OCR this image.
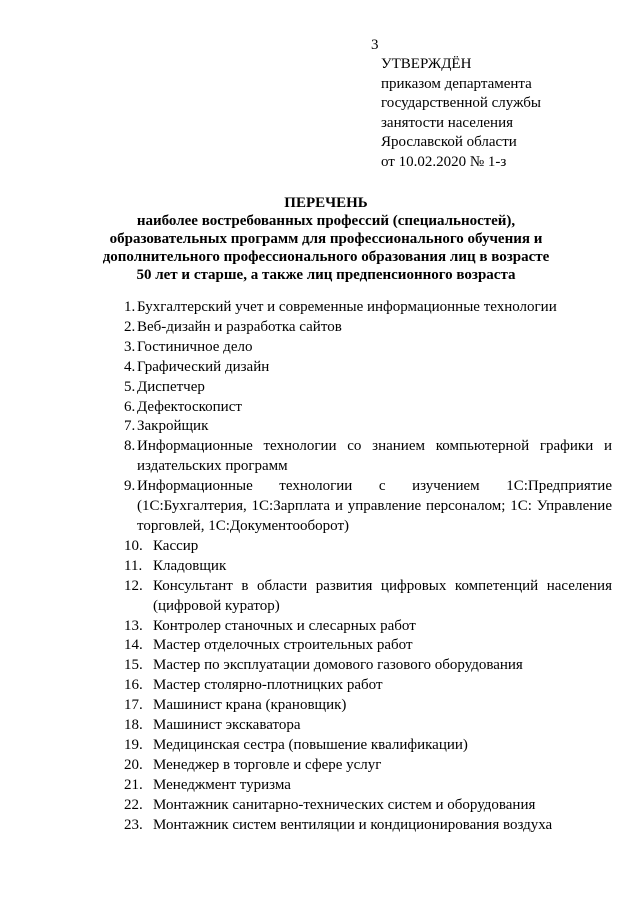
3
УТВЕРЖДЁН
приказом департамента
государственной службы
занятости населения
Ярославской области
от 10.02.2020 № 1-з
ПЕРЕЧЕНЬ
наиболее востребованных профессий (специальностей), образовательных программ для профессионального обучения и дополнительного профессионального образования лиц в возрасте 50 лет и старше, а также лиц предпенсионного возраста
1. Бухгалтерский учет и современные информационные технологии
2. Веб-дизайн и разработка сайтов
3. Гостиничное дело
4. Графический дизайн
5. Диспетчер
6. Дефектоскопист
7. Закройщик
8. Информационные технологии со знанием компьютерной графики и издательских программ
9. Информационные технологии с изучением 1С:Предприятие (1С:Бухгалтерия, 1С:Зарплата и управление персоналом; 1С: Управление торговлей, 1С:Документооборот)
10. Кассир
11. Кладовщик
12. Консультант в области развития цифровых компетенций населения (цифровой куратор)
13. Контролер станочных и слесарных работ
14. Мастер отделочных строительных работ
15. Мастер по эксплуатации домового газового оборудования
16. Мастер столярно-плотницких работ
17. Машинист крана (крановщик)
18. Машинист экскаватора
19. Медицинская сестра (повышение квалификации)
20. Менеджер в торговле и сфере услуг
21. Менеджмент туризма
22. Монтажник санитарно-технических систем и оборудования
23. Монтажник систем вентиляции и кондиционирования воздуха
